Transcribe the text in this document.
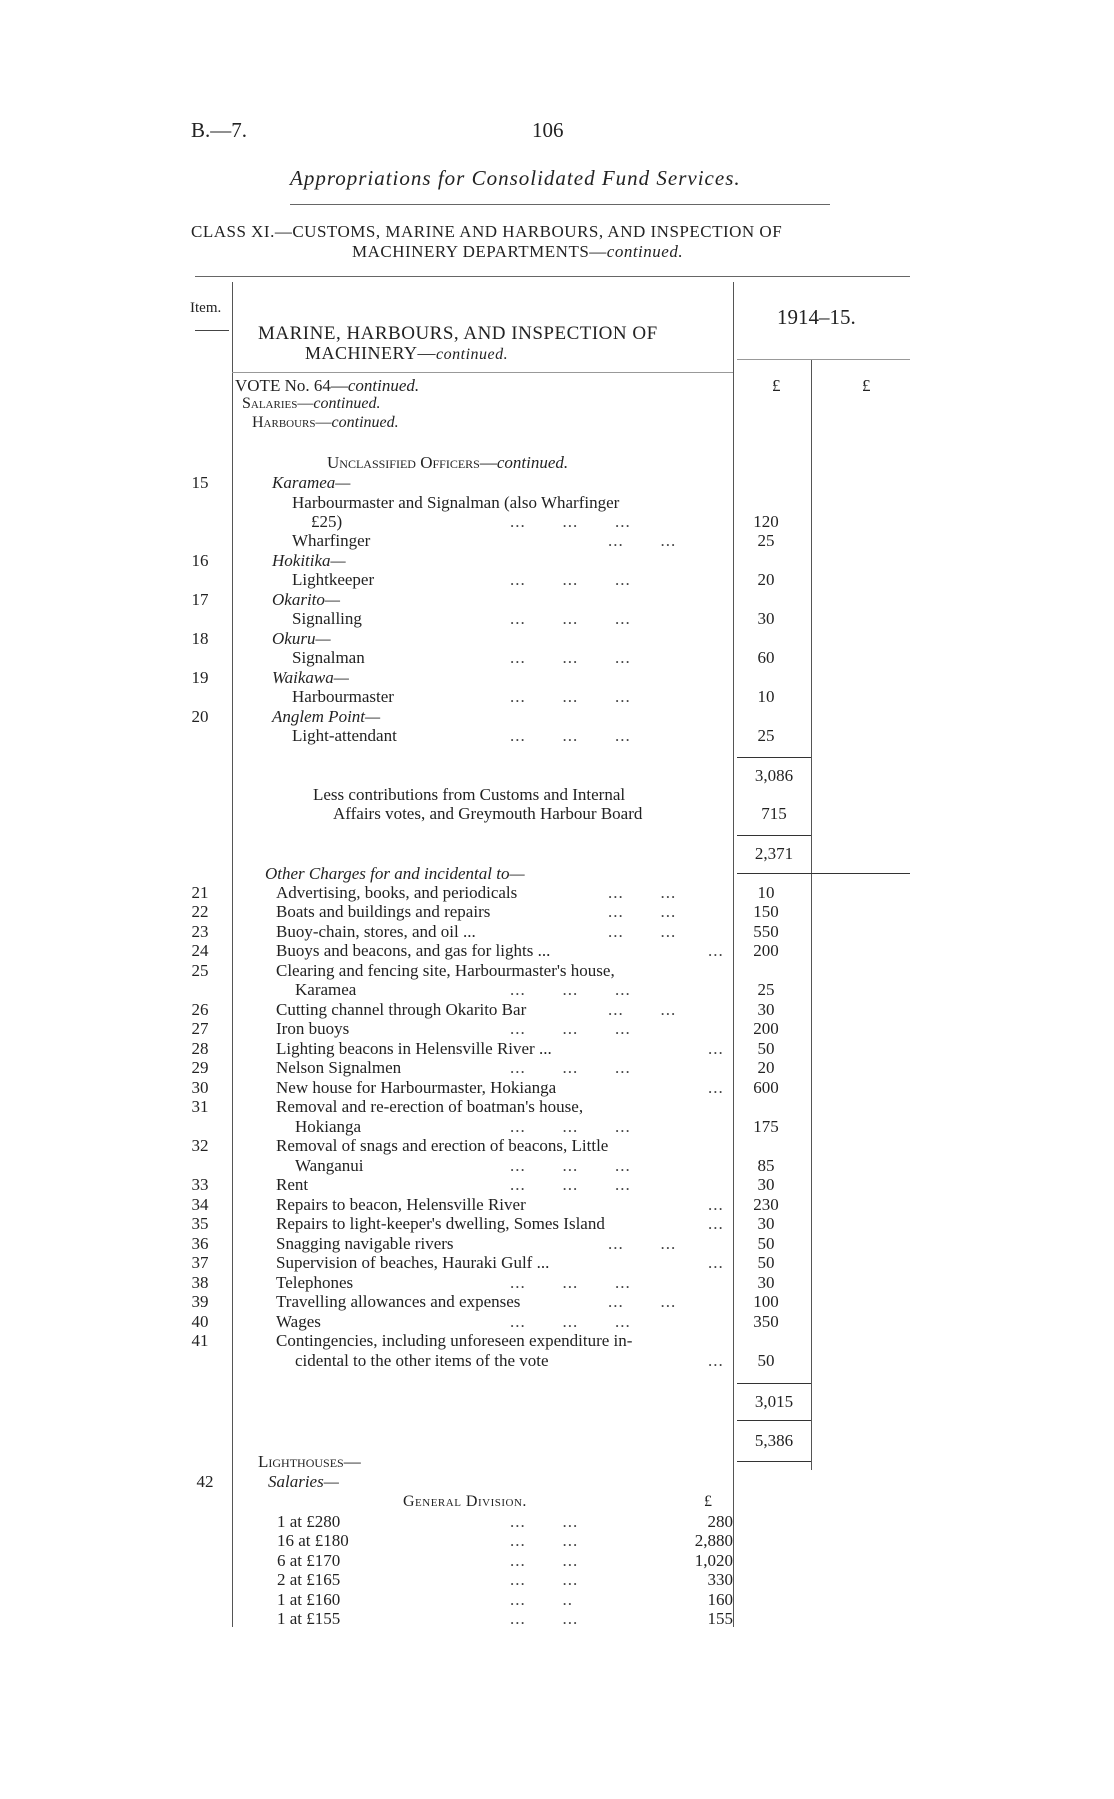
B.—7.	106
Appropriations for Consolidated Fund Services.
CLASS XI.—CUSTOMS, MARINE AND HARBOURS, AND INSPECTION OF
MACHINERY DEPARTMENTS—continued.
Item.
MARINE, HARBOURS, AND INSPECTION OF
MACHINERY—continued.
1914–15.
£	£
VOTE No. 64—continued.
Salaries—continued.
Harbours—continued.
Unclassified Officers—continued.
15	Karamea—
Harbourmaster and Signalman (also Wharfinger
£25)	...       ...       ...	120
Wharfinger	...       ...	25
16	Hokitika—
Lightkeeper	...       ...       ...	20
17	Okarito—
Signalling	...       ...       ...	30
18	Okuru—
Signalman	...       ...       ...	60
19	Waikawa—
Harbourmaster	...       ...       ...	10
20	Anglem Point—
Light-attendant	...       ...       ...	25
3,086
Less contributions from Customs and Internal
Affairs votes, and Greymouth Harbour Board	715
2,371
Other Charges for and incidental to—
21	Advertising, books, and periodicals	...       ...	10
22	Boats and buildings and repairs	...       ...	150
23	Buoy-chain, stores, and oil ...	...       ...	550
24	Buoys and beacons, and gas for lights ...	...	200
25	Clearing and fencing site, Harbourmaster's house,
Karamea	...       ...       ...	25
26	Cutting channel through Okarito Bar	...       ...	30
27	Iron buoys	...       ...       ...	200
28	Lighting beacons in Helensville River ...	...	50
29	Nelson Signalmen	...       ...       ...	20
30	New house for Harbourmaster, Hokianga	...	600
31	Removal and re-erection of boatman's house,
Hokianga	...       ...       ...	175
32	Removal of snags and erection of beacons, Little
Wanganui	...       ...       ...	85
33	Rent	...       ...       ...	30
34	Repairs to beacon, Helensville River	...	230
35	Repairs to light-keeper's dwelling, Somes Island	...	30
36	Snagging navigable rivers	...       ...	50
37	Supervision of beaches, Hauraki Gulf ...	...	50
38	Telephones	...       ...       ...	30
39	Travelling allowances and expenses	...       ...	100
40	Wages	...       ...       ...	350
41	Contingencies, including unforeseen expenditure in-
cidental to the other items of the vote	...	50
3,015
5,386
Lighthouses—
42	Salaries—
General Division.	£
1 at £280	...       ...	280
16 at £180	...       ...	2,880
6 at £170	...       ...	1,020
2 at £165	...       ...	330
1 at £160	...       ..	160
1 at £155	...       ...	155
